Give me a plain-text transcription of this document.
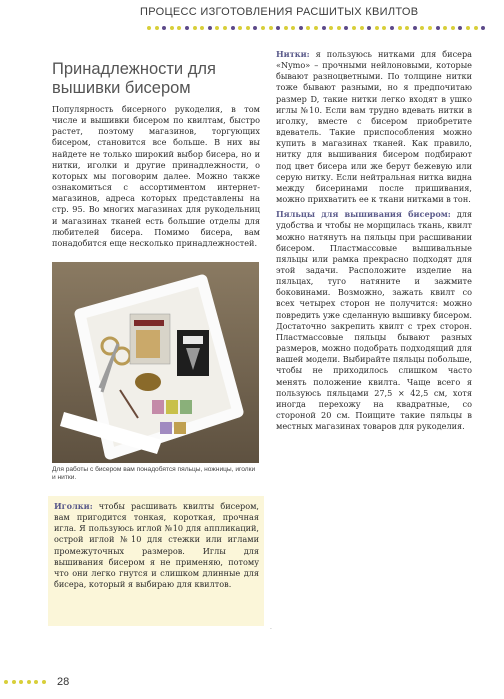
ПРОЦЕСС ИЗГОТОВЛЕНИЯ РАСШИТЫХ КВИЛТОВ
Принадлежности для вышивки бисером

Популярность бисерного рукоделия, в том числе и вышивки бисером по квилтам, быстро растет, поэтому магазинов, торгующих бисером, становится все больше. В них вы найдете не только широкий выбор бисера, но и нитки, иголки и другие принадлежности, о которых мы поговорим далее. Можно также ознакомиться с ассортиментом интернет-магазинов, адреса которых представлены на стр. 95. Во многих магазинах для рукодельниц и магазинах тканей есть большие отделы для любителей бисера. Помимо бисера, вам понадобится еще несколько принадлежностей.

Для работы с бисером вам понадобятся пяльцы, ножницы, иголки и нитки.

Иголки: чтобы расшивать квилты бисером, вам пригодится тонкая, короткая, прочная игла. Я пользуюсь иглой №10 для аппликаций, острой иглой №10 для стежки или иглами промежуточных размеров. Иглы для вышивания бисером я не применяю, потому что они легко гнутся и слишком длинные для бисера, который я выбираю для квилтов.

Нитки: я пользуюсь нитками для бисера «Nymo» – прочными нейлоновыми, которые бывают разноцветными. По толщине нитки тоже бывают разными, но я предпочитаю размер D, такие нитки легко входят в ушко иглы №10. Если вам трудно вдевать нитки в иголку, вместе с бисером приобретите вдеватель. Такие приспособления можно купить в магазинах тканей. Как правило, нитку для вышивания бисером подбирают под цвет бисера или же берут бежевую или серую нитку. Если нейтральная нитка видна между бисеринами после пришивания, можно прихватить ее к ткани нитками в тон.

Пяльцы для вышивания бисером: для удобства и чтобы не морщилась ткань, квилт можно натянуть на пяльцы при расшивании бисером. Пластмассовые вышивальные пяльцы или рамка прекрасно подходят для этой задачи. Расположите изделие на пяльцах, туго натяните и зажмите боковинами. Возможно, зажать квилт со всех четырех сторон не получится: можно повредить уже сделанную вышивку бисером. Достаточно закрепить квилт с трех сторон. Пластмассовые пяльцы бывают разных размеров, можно подобрать подходящий для вашей модели. Выбирайте пяльцы побольше, чтобы не приходилось слишком часто менять положение квилта. Чаще всего я пользуюсь пяльцами 27,5 × 42,5 см, хотя иногда перехожу на квадратные, со стороной 20 см. Поищите такие пяльцы в местных магазинах товаров для рукоделия.

28
·
